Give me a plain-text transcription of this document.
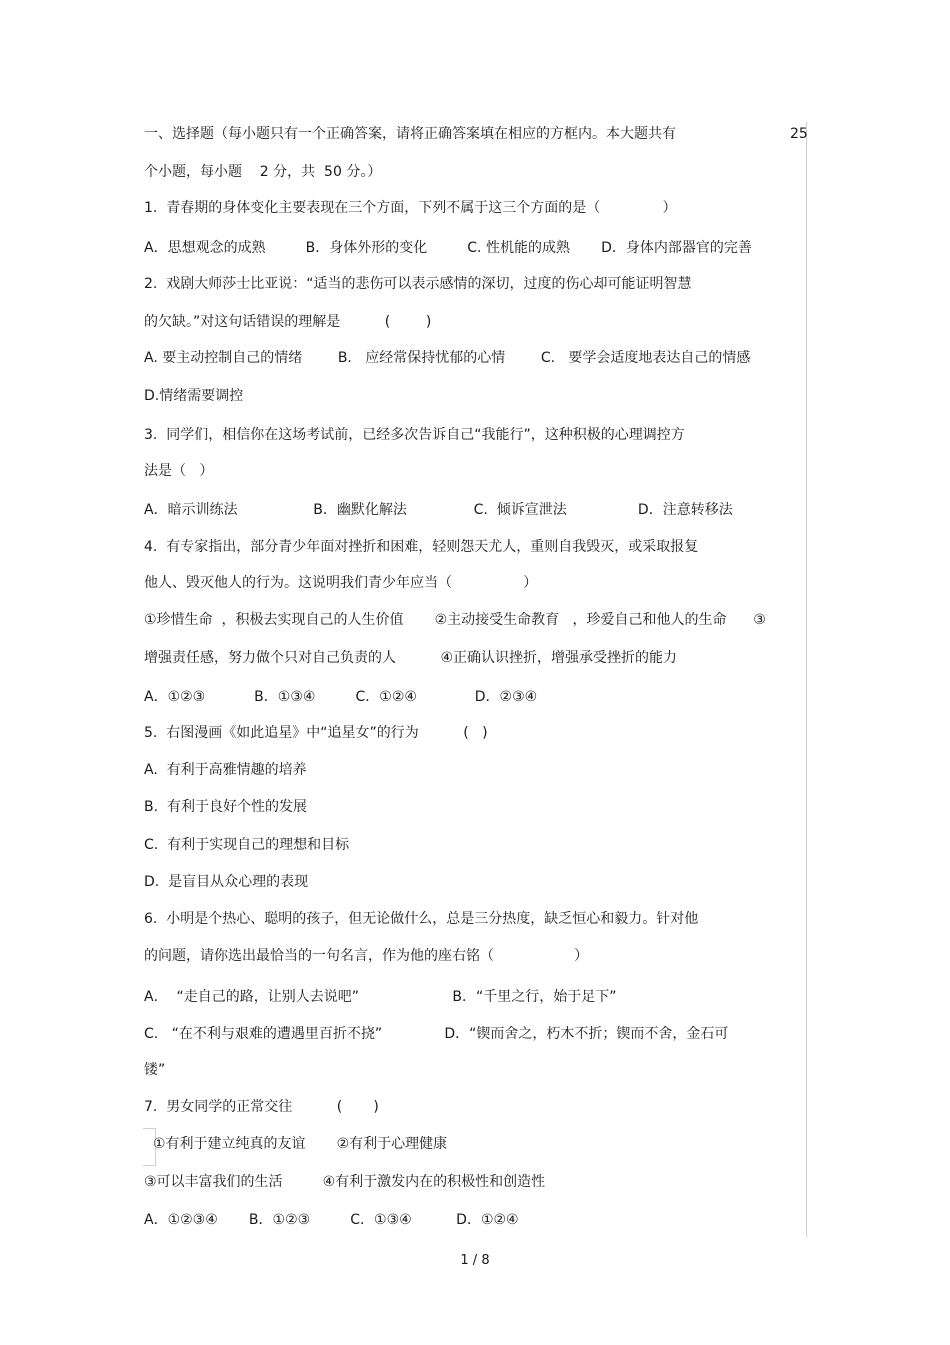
一、选择题（每小题只有一个正确答案，请将正确答案填在相应的方框内。本大题共有	25
个小题，每小题    2 分，共  50 分。）
1.  青春期的身体变化主要表现在三个方面，下列不属于这三个方面的是（              ）
A．思想观念的成熟         B．身体外形的变化         C. 性机能的成熟       D．身体内部器官的完善
2.  戏剧大师莎士比亚说：“适当的悲伤可以表示感情的深切，过度的伤心却可能证明智慧
的欠缺。”对这句话错误的理解是          (        )
A. 要主动控制自己的情绪        B.   应经常保持忧郁的心情        C.   要学会适度地表达自己的情感
D.情绪需要调控
3.  同学们，相信你在这场考试前，已经多次告诉自己“我能行”，这种积极的心理调控方
法是（   ）
A．暗示训练法                 B．幽默化解法               C.  倾诉宣泄法                D．注意转移法
4.  有专家指出，部分青少年面对挫折和困难，轻则怨天尤人，重则自我毁灭，或采取报复
他人、毁灭他人的行为。这说明我们青少年应当（                ）
①珍惜生命  ，积极去实现自己的人生价值       ②主动接受生命教育   ，珍爱自己和他人的生命      ③
增强责任感，努力做个只对自己负责的人          ④正确认识挫折，增强承受挫折的能力
A．①②③           B．①③④         C．①②④             D．②③④
5.  右图漫画《如此追星》中“追星女”的行为          (   )
A.  有利于高雅情趣的培养
B.  有利于良好个性的发展
C.  有利于实现自己的理想和目标
D.  是盲目从众心理的表现
6.  小明是个热心、聪明的孩子，但无论做什么，总是三分热度，缺乏恒心和毅力。针对他
的问题，请你选出最恰当的一句名言，作为他的座右铭（                  ）
A．  “走自己的路，让别人去说吧”                     B．“千里之行，始于足下”
C.   “在不利与艰难的遭遇里百折不挠”              D．“锲而舍之，朽木不折；锲而不舍，金石可
镂”
7.  男女同学的正常交往          (       )
①有利于建立纯真的友谊       ②有利于心理健康
③可以丰富我们的生活         ④有利于激发内在的积极性和创造性
A．①②③④       B．①②③         C．①③④          D．①②④
1 / 8
